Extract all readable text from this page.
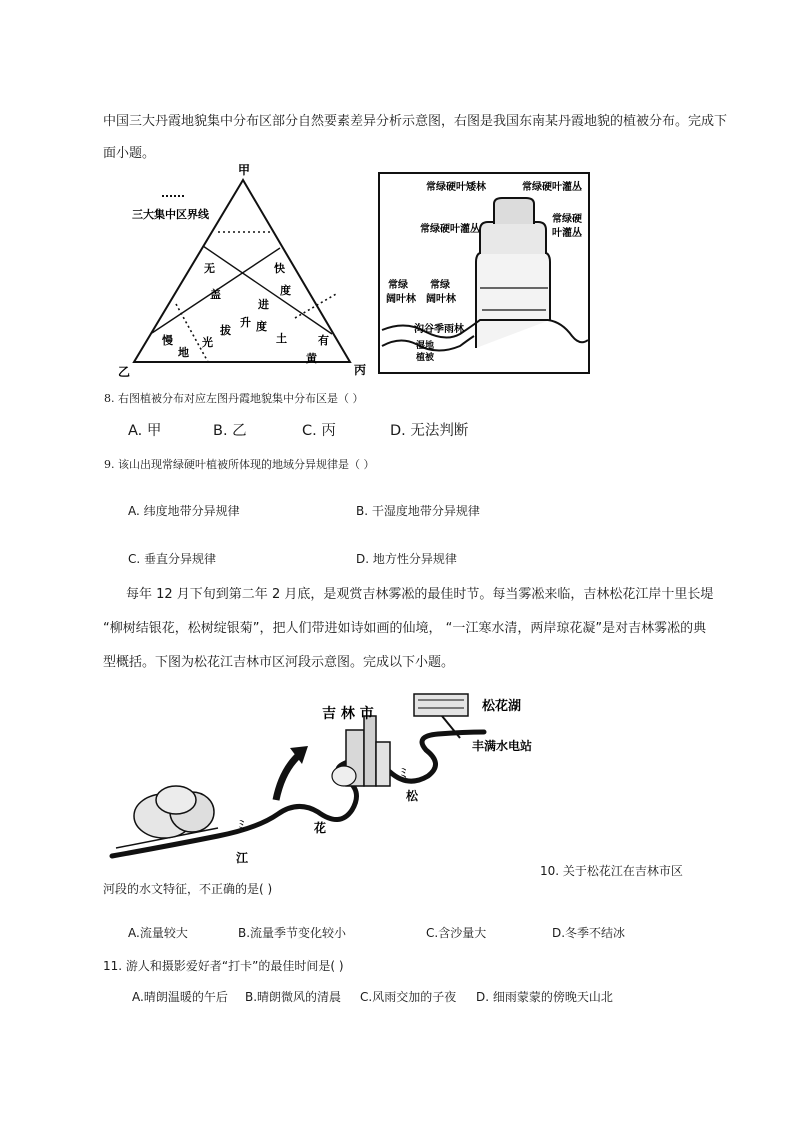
中国三大丹霞地貌集中分布区部分自然要素差异分析示意图，右图是我国东南某丹霞地貌的植被分布。完成下
面小题。
甲
乙	丙
三大集中区界线
无	快
度
盖
进
升
拔
光
度
慢
地
土	有
黄
常绿硬叶矮林	常绿硬叶灌丛
常绿硬叶灌丛
常绿硬
叶灌丛
常绿
阔叶林
常绿
阔叶林
沟谷季雨林
湿地
植被
8. 右图植被分布对应左图丹霞地貌集中分布区是（ ）
A. 甲	B. 乙	C. 丙	D. 无法判断
9. 该山出现常绿硬叶植被所体现的地域分异规律是（ ）
A. 纬度地带分异规律	B. 干湿度地带分异规律
C. 垂直分异规律	D. 地方性分异规律
每年 12 月下旬到第二年 2 月底，是观赏吉林雾凇的最佳时节。每当雾凇来临，吉林松花江岸十里长堤
“柳树结银花，松树绽银菊”，把人们带进如诗如画的仙境， “一江寒水清，两岸琼花凝”是对吉林雾凇的典
型概括。下图为松花江吉林市区河段示意图。完成以下小题。
ﾐ
ﾐ
吉 林 市	松花湖
丰满水电站
松
花
江
10. 关于松花江在吉林市区
河段的水文特征，不正确的是( )
A.流量较大	B.流量季节变化较小	C.含沙量大	D.冬季不结冰
11. 游人和摄影爱好者“打卡”的最佳时间是( )
A.晴朗温暖的午后 B.晴朗微风的清晨 C.风雨交加的子夜 D. 细雨蒙蒙的傍晚天山北
